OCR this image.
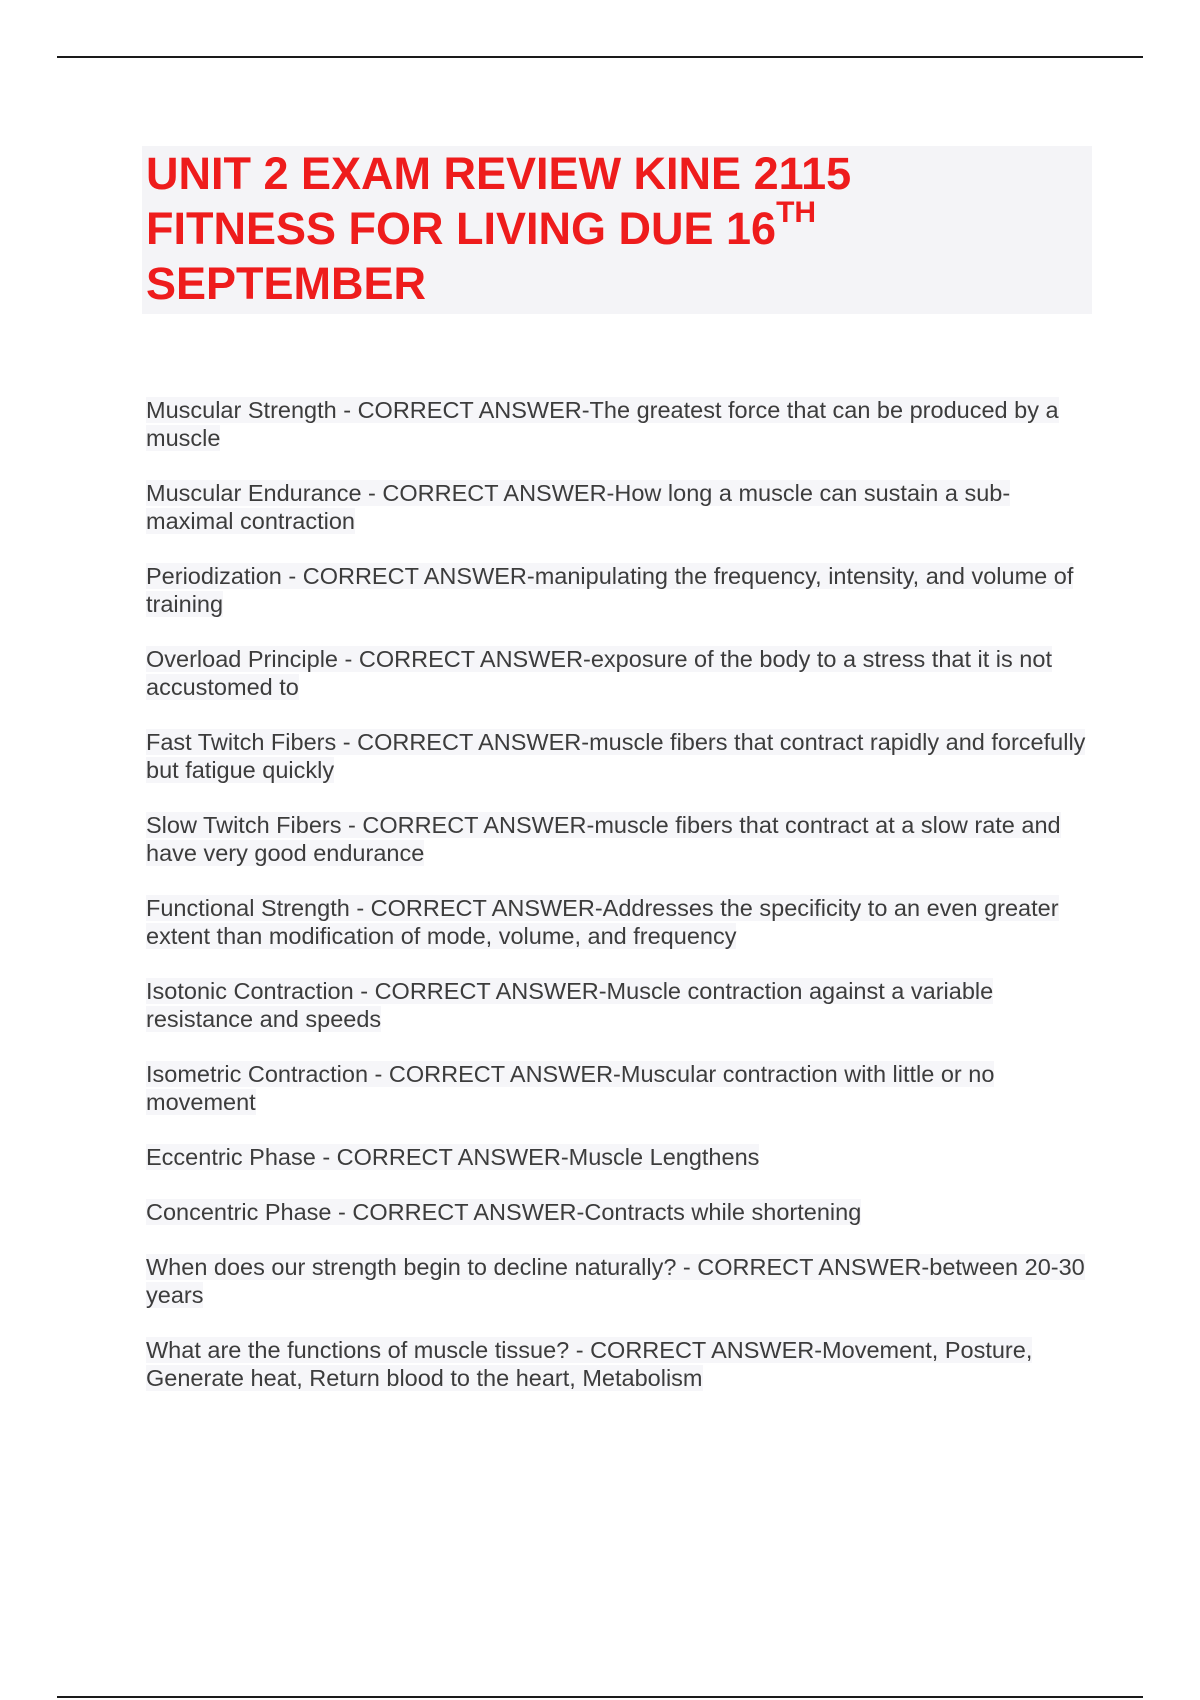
UNIT 2 EXAM REVIEW KINE 2115
FITNESS FOR LIVING DUE 16TH
SEPTEMBER

Muscular Strength - CORRECT ANSWER-The greatest force that can be produced by a muscle

Muscular Endurance - CORRECT ANSWER-How long a muscle can sustain a sub-maximal contraction

Periodization - CORRECT ANSWER-manipulating the frequency, intensity, and volume of training

Overload Principle - CORRECT ANSWER-exposure of the body to a stress that it is not accustomed to

Fast Twitch Fibers - CORRECT ANSWER-muscle fibers that contract rapidly and forcefully but fatigue quickly

Slow Twitch Fibers - CORRECT ANSWER-muscle fibers that contract at a slow rate and have very good endurance

Functional Strength - CORRECT ANSWER-Addresses the specificity to an even greater extent than modification of mode, volume, and frequency

Isotonic Contraction - CORRECT ANSWER-Muscle contraction against a variable resistance and speeds

Isometric Contraction - CORRECT ANSWER-Muscular contraction with little or no movement

Eccentric Phase - CORRECT ANSWER-Muscle Lengthens

Concentric Phase - CORRECT ANSWER-Contracts while shortening

When does our strength begin to decline naturally? - CORRECT ANSWER-between 20-30 years

What are the functions of muscle tissue? - CORRECT ANSWER-Movement, Posture, Generate heat, Return blood to the heart, Metabolism
